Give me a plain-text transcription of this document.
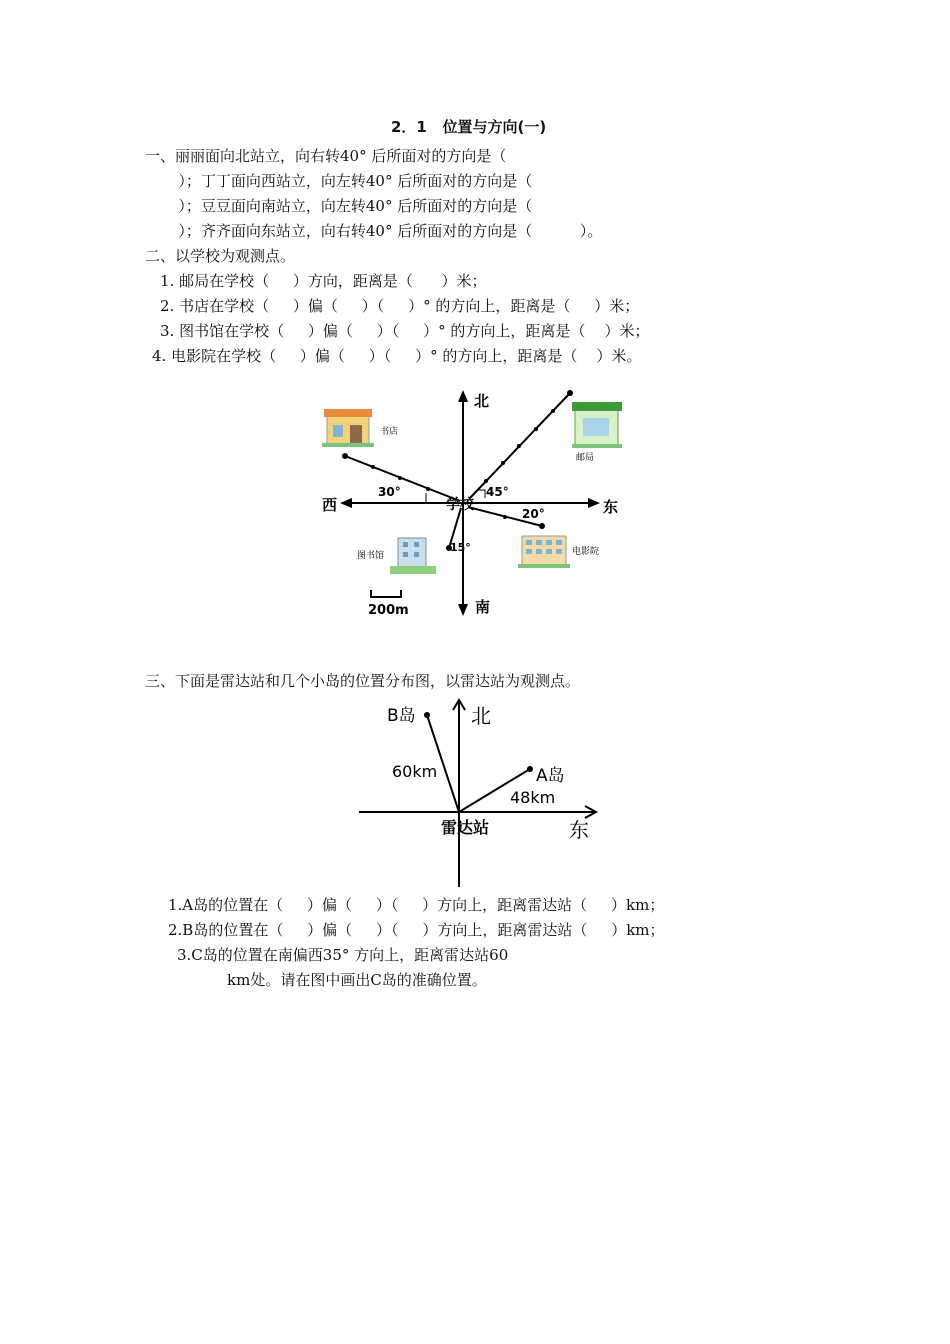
2．1   位置与方向(一)
一、丽丽面向北站立，向右转40° 后所面对的方向是（
）；丁丁面向西站立，向左转40° 后所面对的方向是（
）；豆豆面向南站立，向左转40° 后所面对的方向是（
）；齐齐面向东站立，向右转40° 后所面对的方向是（          ）。
二、以学校为观测点。
1. 邮局在学校（     ）方向，距离是（      ）米；
2. 书店在学校（     ）偏（     ）（     ）° 的方向上，距离是（     ）米；
3. 图书馆在学校（     ）偏（     ）（     ）° 的方向上，距离是（    ）米；
4. 电影院在学校（     ）偏（     ）（     ）° 的方向上，距离是（    ）米。
北
南
东
西	学校
书店
邮局
图书馆	电影院
30°	45°
20°
15°
200m
三、下面是雷达站和几个小岛的位置分布图，以雷达站为观测点。
北
东
雷达站
B岛
A岛
60km
48km
1.A岛的位置在（     ）偏（     ）（     ）方向上，距离雷达站（     ）km；
2.B岛的位置在（     ）偏（     ）（     ）方向上，距离雷达站（     ）km；
3.C岛的位置在南偏西35° 方向上，距离雷达站60
km处。请在图中画出C岛的准确位置。
